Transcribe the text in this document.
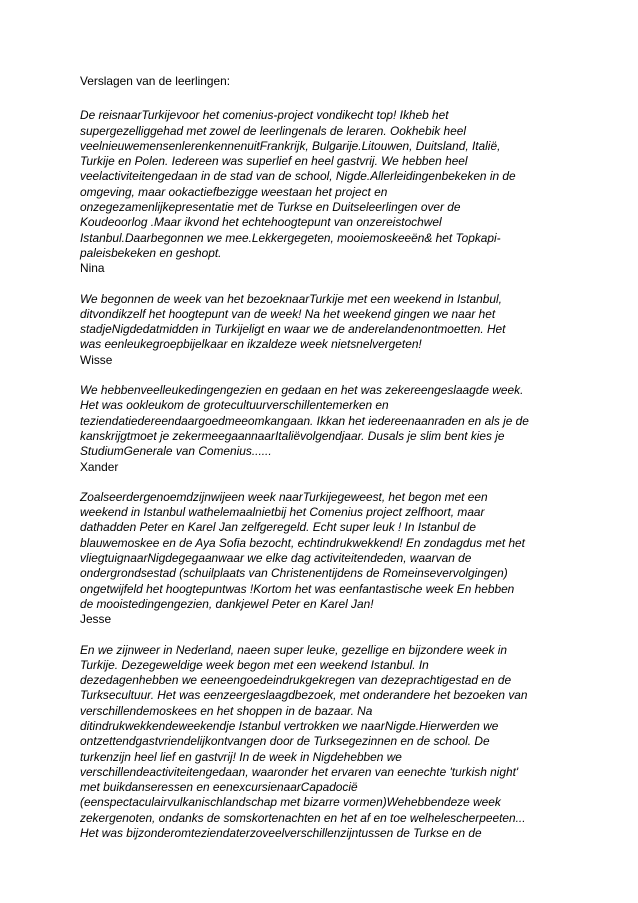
Verslagen van de leerlingen:
De reisnaarTurkijevoor het comenius-project vondikecht top! Ikheb het
supergezelliggehad met zowel de leerlingenals de leraren. Ookhebik heel
veelnieuwemensenlerenkennenuitFrankrijk, Bulgarije.Litouwen, Duitsland, Italië,
Turkije en Polen. Iedereen was superlief en heel gastvrij. We hebben heel
veelactiviteitengedaan in de stad van de school, Nigde.Allerleidingenbekeken in de
omgeving, maar ookactiefbezigge weestaan het project en
onzegezamenlijkepresentatie met de Turkse en Duitseleerlingen over de
Koudeoorlog .Maar ikvond het echtehoogtepunt van onzereistochwel
Istanbul.Daarbegonnen we mee.Lekkergegeten, mooiemoskeeën& het Topkapi-
paleisbekeken en geshopt.
Nina
We begonnen de week van het bezoeknaarTurkije met een weekend in Istanbul,
ditvondikzelf het hoogtepunt van de week! Na het weekend gingen we naar het
stadjeNigdedatmidden in Turkijeligt en waar we de anderelandenontmoetten. Het
was eenleukegroepbijelkaar en ikzaldeze week nietsnelvergeten!
Wisse
We hebbenveelleukedingengezien en gedaan en het was zekereengeslaagde week.
Het was ookleukom de grotecultuurverschillentemerken en
teziendatiedereendaargoedmeeomkangaan. Ikkan het iedereenaanraden en als je de
kanskrijgtmoet je zekermeegaannaarItaliëvolgendjaar. Dusals je slim bent kies je
StudiumGenerale van Comenius......
Xander
Zoalseerdergenoemdzijnwijeen week naarTurkijegeweest, het begon met een
weekend in Istanbul wathelemaalnietbij het Comenius project zelfhoort, maar
dathadden Peter en Karel Jan zelfgeregeld. Echt super leuk ! In Istanbul de
blauwemoskee en de Aya Sofia bezocht, echtindrukwekkend! En zondagdus met het
vliegtuignaarNigdegegaanwaar we elke dag activiteitendeden, waarvan de
ondergrondsestad (schuilplaats van Christenentijdens de Romeinsevervolgingen)
ongetwijfeld het hoogtepuntwas !Kortom het was eenfantastische week En hebben
de mooistedingengezien, dankjewel Peter en Karel Jan!
Jesse
En we zijnweer in Nederland, naeen super leuke, gezellige en bijzondere week in
Turkije. Dezegeweldige week begon met een weekend Istanbul. In
dezedagenhebben we eeneengoedeindrukgekregen van dezeprachtigestad en de
Turksecultuur. Het was eenzeergeslaagdbezoek, met onderandere het bezoeken van
verschillendemoskees en het shoppen in de bazaar. Na
ditindrukwekkendeweekendje Istanbul vertrokken we naarNigde.Hierwerden we
ontzettendgastvriendelijkontvangen door de Turksegezinnen en de school. De
turkenzijn heel lief en gastvrij! In de week in Nigdehebben we
verschillendeactiviteitengedaan, waaronder het ervaren van eenechte 'turkish night'
met buikdanseressen en eenexcursienaarCapadocië
(eenspectaculairvulkanischlandschap met bizarre vormen)Wehebbendeze week
zekergenoten, ondanks de somskortenachten en het af en toe welhelescherpeeten...
Het was bijzonderomteziendaterzoveelverschillenzijntussen de Turkse en de
